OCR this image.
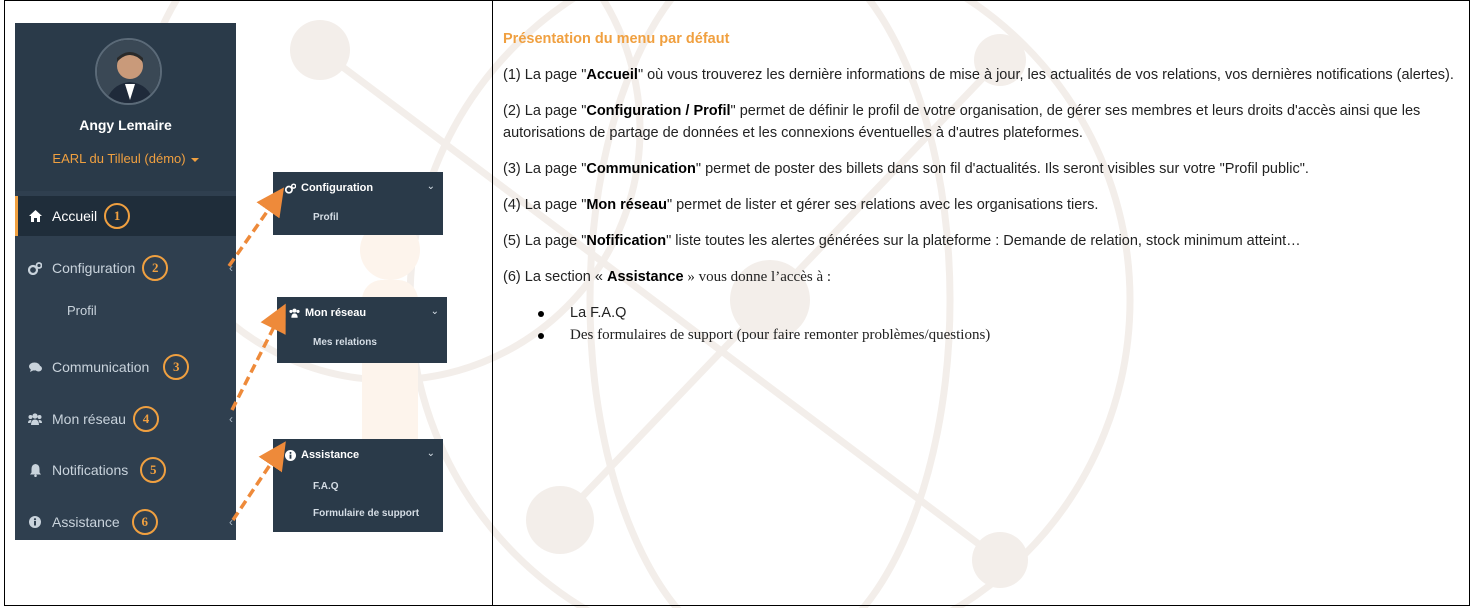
Angy Lemaire
EARL du Tilleul (démo)
Accueil	1
Configuration	2	‹
Profil
Communication	3
Mon réseau	4	‹
Notifications	5
Assistance	6	‹
Configuration	⌄
Profil
Mon réseau	⌄
Mes relations
Assistance	⌄
F.A.Q
Formulaire de support
Présentation du menu par défaut

(1) La page "Accueil" où vous trouverez les dernière informations de mise à jour, les actualités de vos relations, vos dernières notifications (alertes).

(2) La page "Configuration / Profil" permet de définir le profil de votre organisation, de gérer ses membres et leurs droits d'accès ainsi que les autorisations de partage de données et les connexions éventuelles à d'autres plateformes.

(3) La page "Communication" permet de poster des billets dans son fil d'actualités. Ils seront visibles sur votre "Profil public".

(4) La page "Mon réseau" permet de lister et gérer ses relations avec les organisations tiers.

(5) La page "Nofification" liste toutes les alertes générées sur la plateforme : Demande de relation, stock minimum atteint…

(6) La section « Assistance » vous donne l’accès à :

La F.A.Q
Des formulaires de support (pour faire remonter problèmes/questions)
